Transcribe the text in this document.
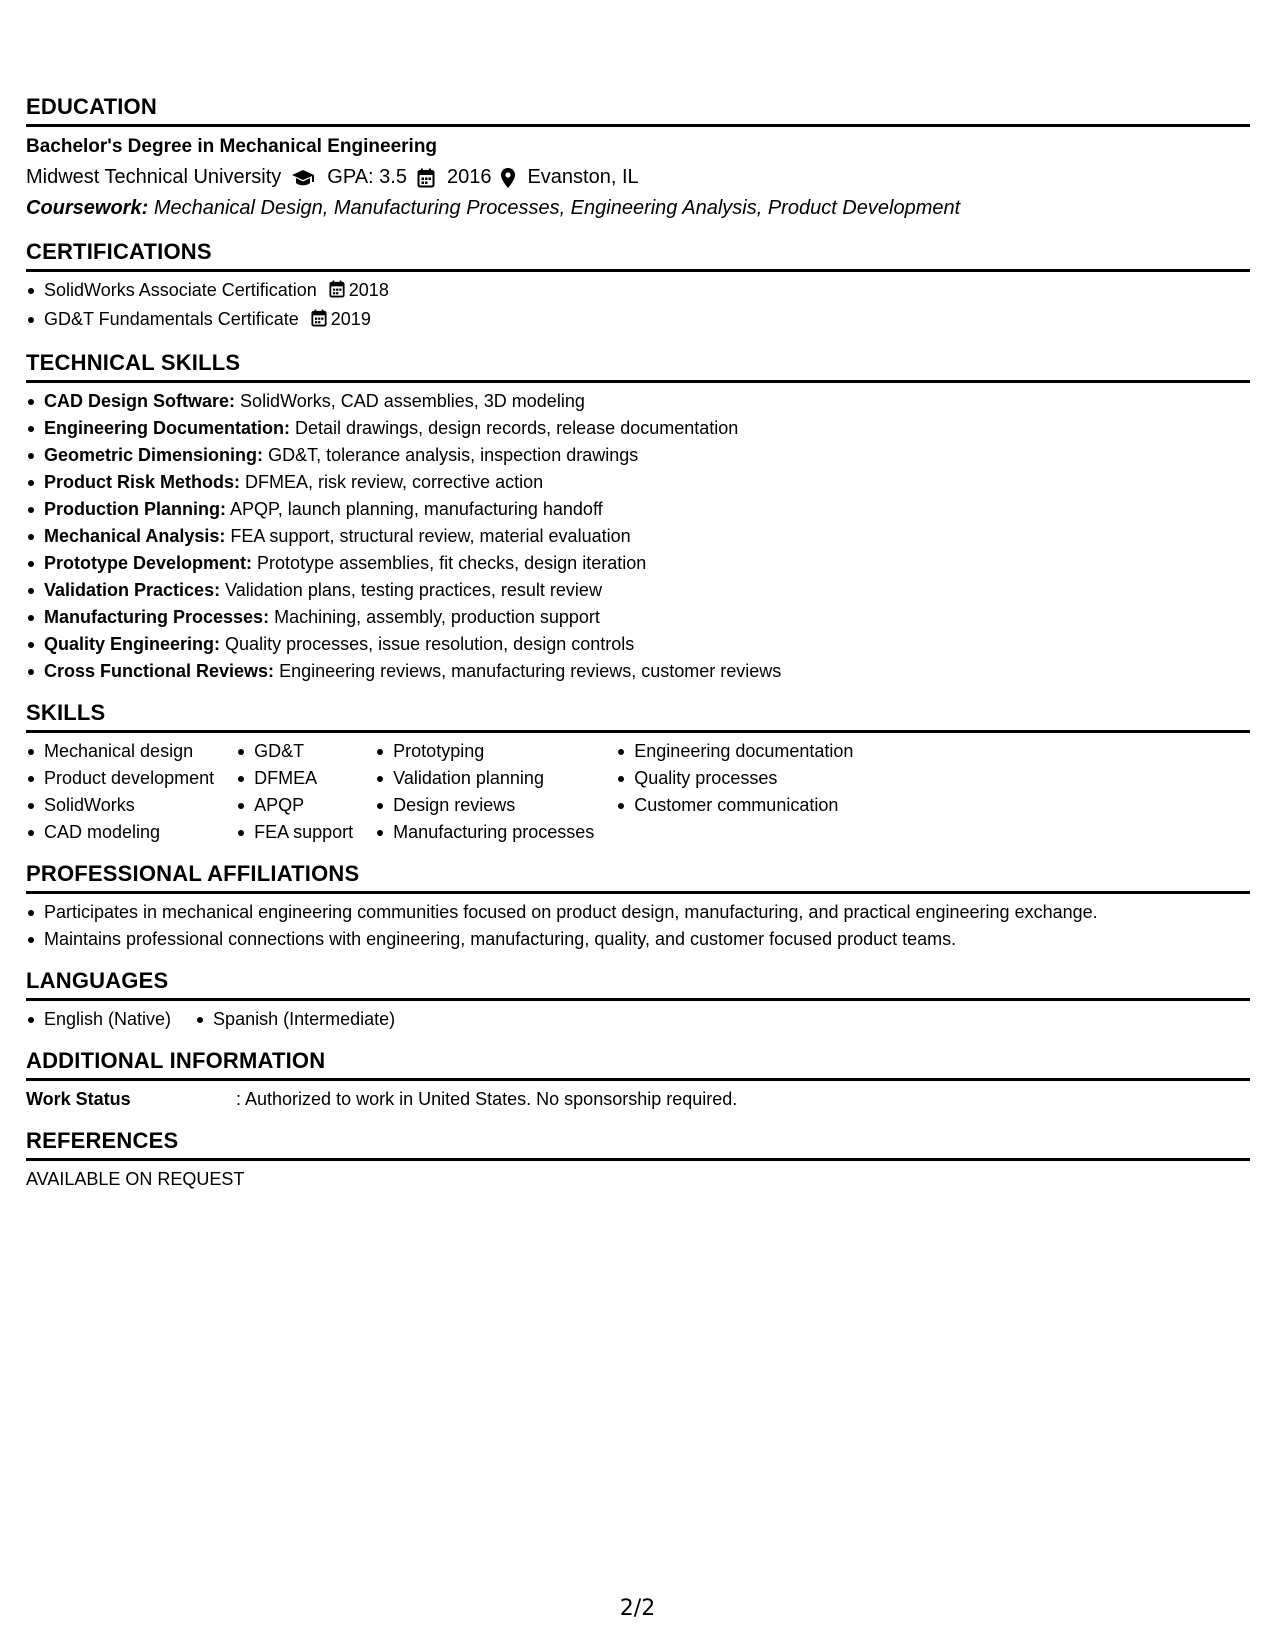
EDUCATION
Bachelor's Degree in Mechanical Engineering
Midwest Technical University GPA: 3.5 2016 Evanston, IL
Coursework: Mechanical Design, Manufacturing Processes, Engineering Analysis, Product Development
CERTIFICATIONS
SolidWorks Associate Certification 2018
GD&T Fundamentals Certificate 2019
TECHNICAL SKILLS
CAD Design Software: SolidWorks, CAD assemblies, 3D modeling
Engineering Documentation: Detail drawings, design records, release documentation
Geometric Dimensioning: GD&T, tolerance analysis, inspection drawings
Product Risk Methods: DFMEA, risk review, corrective action
Production Planning: APQP, launch planning, manufacturing handoff
Mechanical Analysis: FEA support, structural review, material evaluation
Prototype Development: Prototype assemblies, fit checks, design iteration
Validation Practices: Validation plans, testing practices, result review
Manufacturing Processes: Machining, assembly, production support
Quality Engineering: Quality processes, issue resolution, design controls
Cross Functional Reviews: Engineering reviews, manufacturing reviews, customer reviews
SKILLS
Mechanical design
Product development
SolidWorks
CAD modeling
GD&T
DFMEA
APQP
FEA support
Prototyping
Validation planning
Design reviews
Manufacturing processes
Engineering documentation
Quality processes
Customer communication
PROFESSIONAL AFFILIATIONS
Participates in mechanical engineering communities focused on product design, manufacturing, and practical engineering exchange.
Maintains professional connections with engineering, manufacturing, quality, and customer focused product teams.
LANGUAGES
English (Native)	Spanish (Intermediate)
ADDITIONAL INFORMATION
Work Status	: Authorized to work in United States. No sponsorship required.
REFERENCES
AVAILABLE ON REQUEST
2/2
